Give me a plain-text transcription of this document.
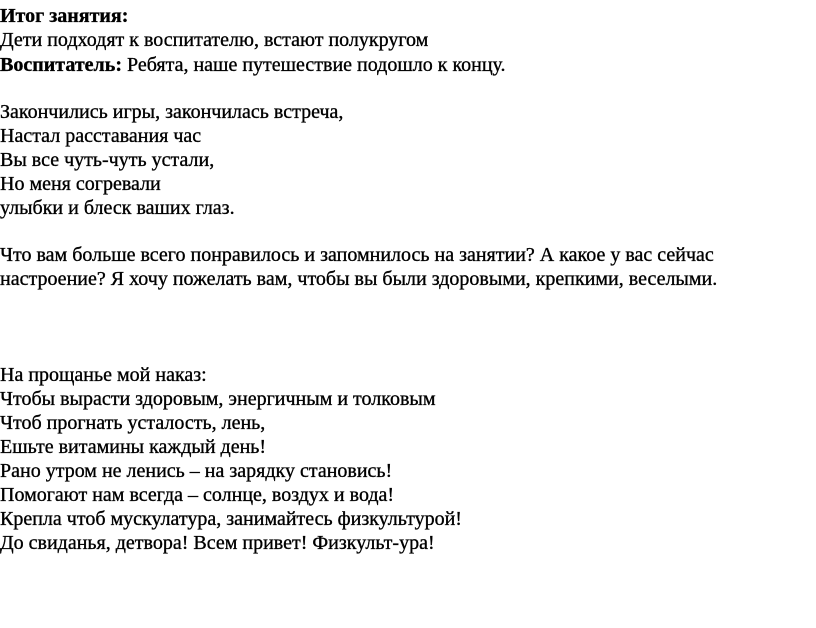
Итог занятия:
Дети подходят к воспитателю, встают полукругом
Воспитатель: Ребята, наше путешествие подошло к концу.
Закончились игры, закончилась встреча,
Настал расставания час
Вы все чуть-чуть устали,
Но меня согревали
улыбки и блеск ваших глаз.
Что вам больше всего понравилось и запомнилось на занятии? А какое у вас сейчас
настроение? Я хочу пожелать вам, чтобы вы были здоровыми, крепкими, веселыми.
На прощанье мой наказ:
Чтобы вырасти здоровым, энергичным и толковым
Чтоб прогнать усталость, лень,
Ешьте витамины каждый день!
Рано утром не ленись – на зарядку становись!
Помогают нам всегда – солнце, воздух и вода!
Крепла чтоб мускулатура, занимайтесь физкультурой!
До свиданья, детвора! Всем привет! Физкульт-ура!
